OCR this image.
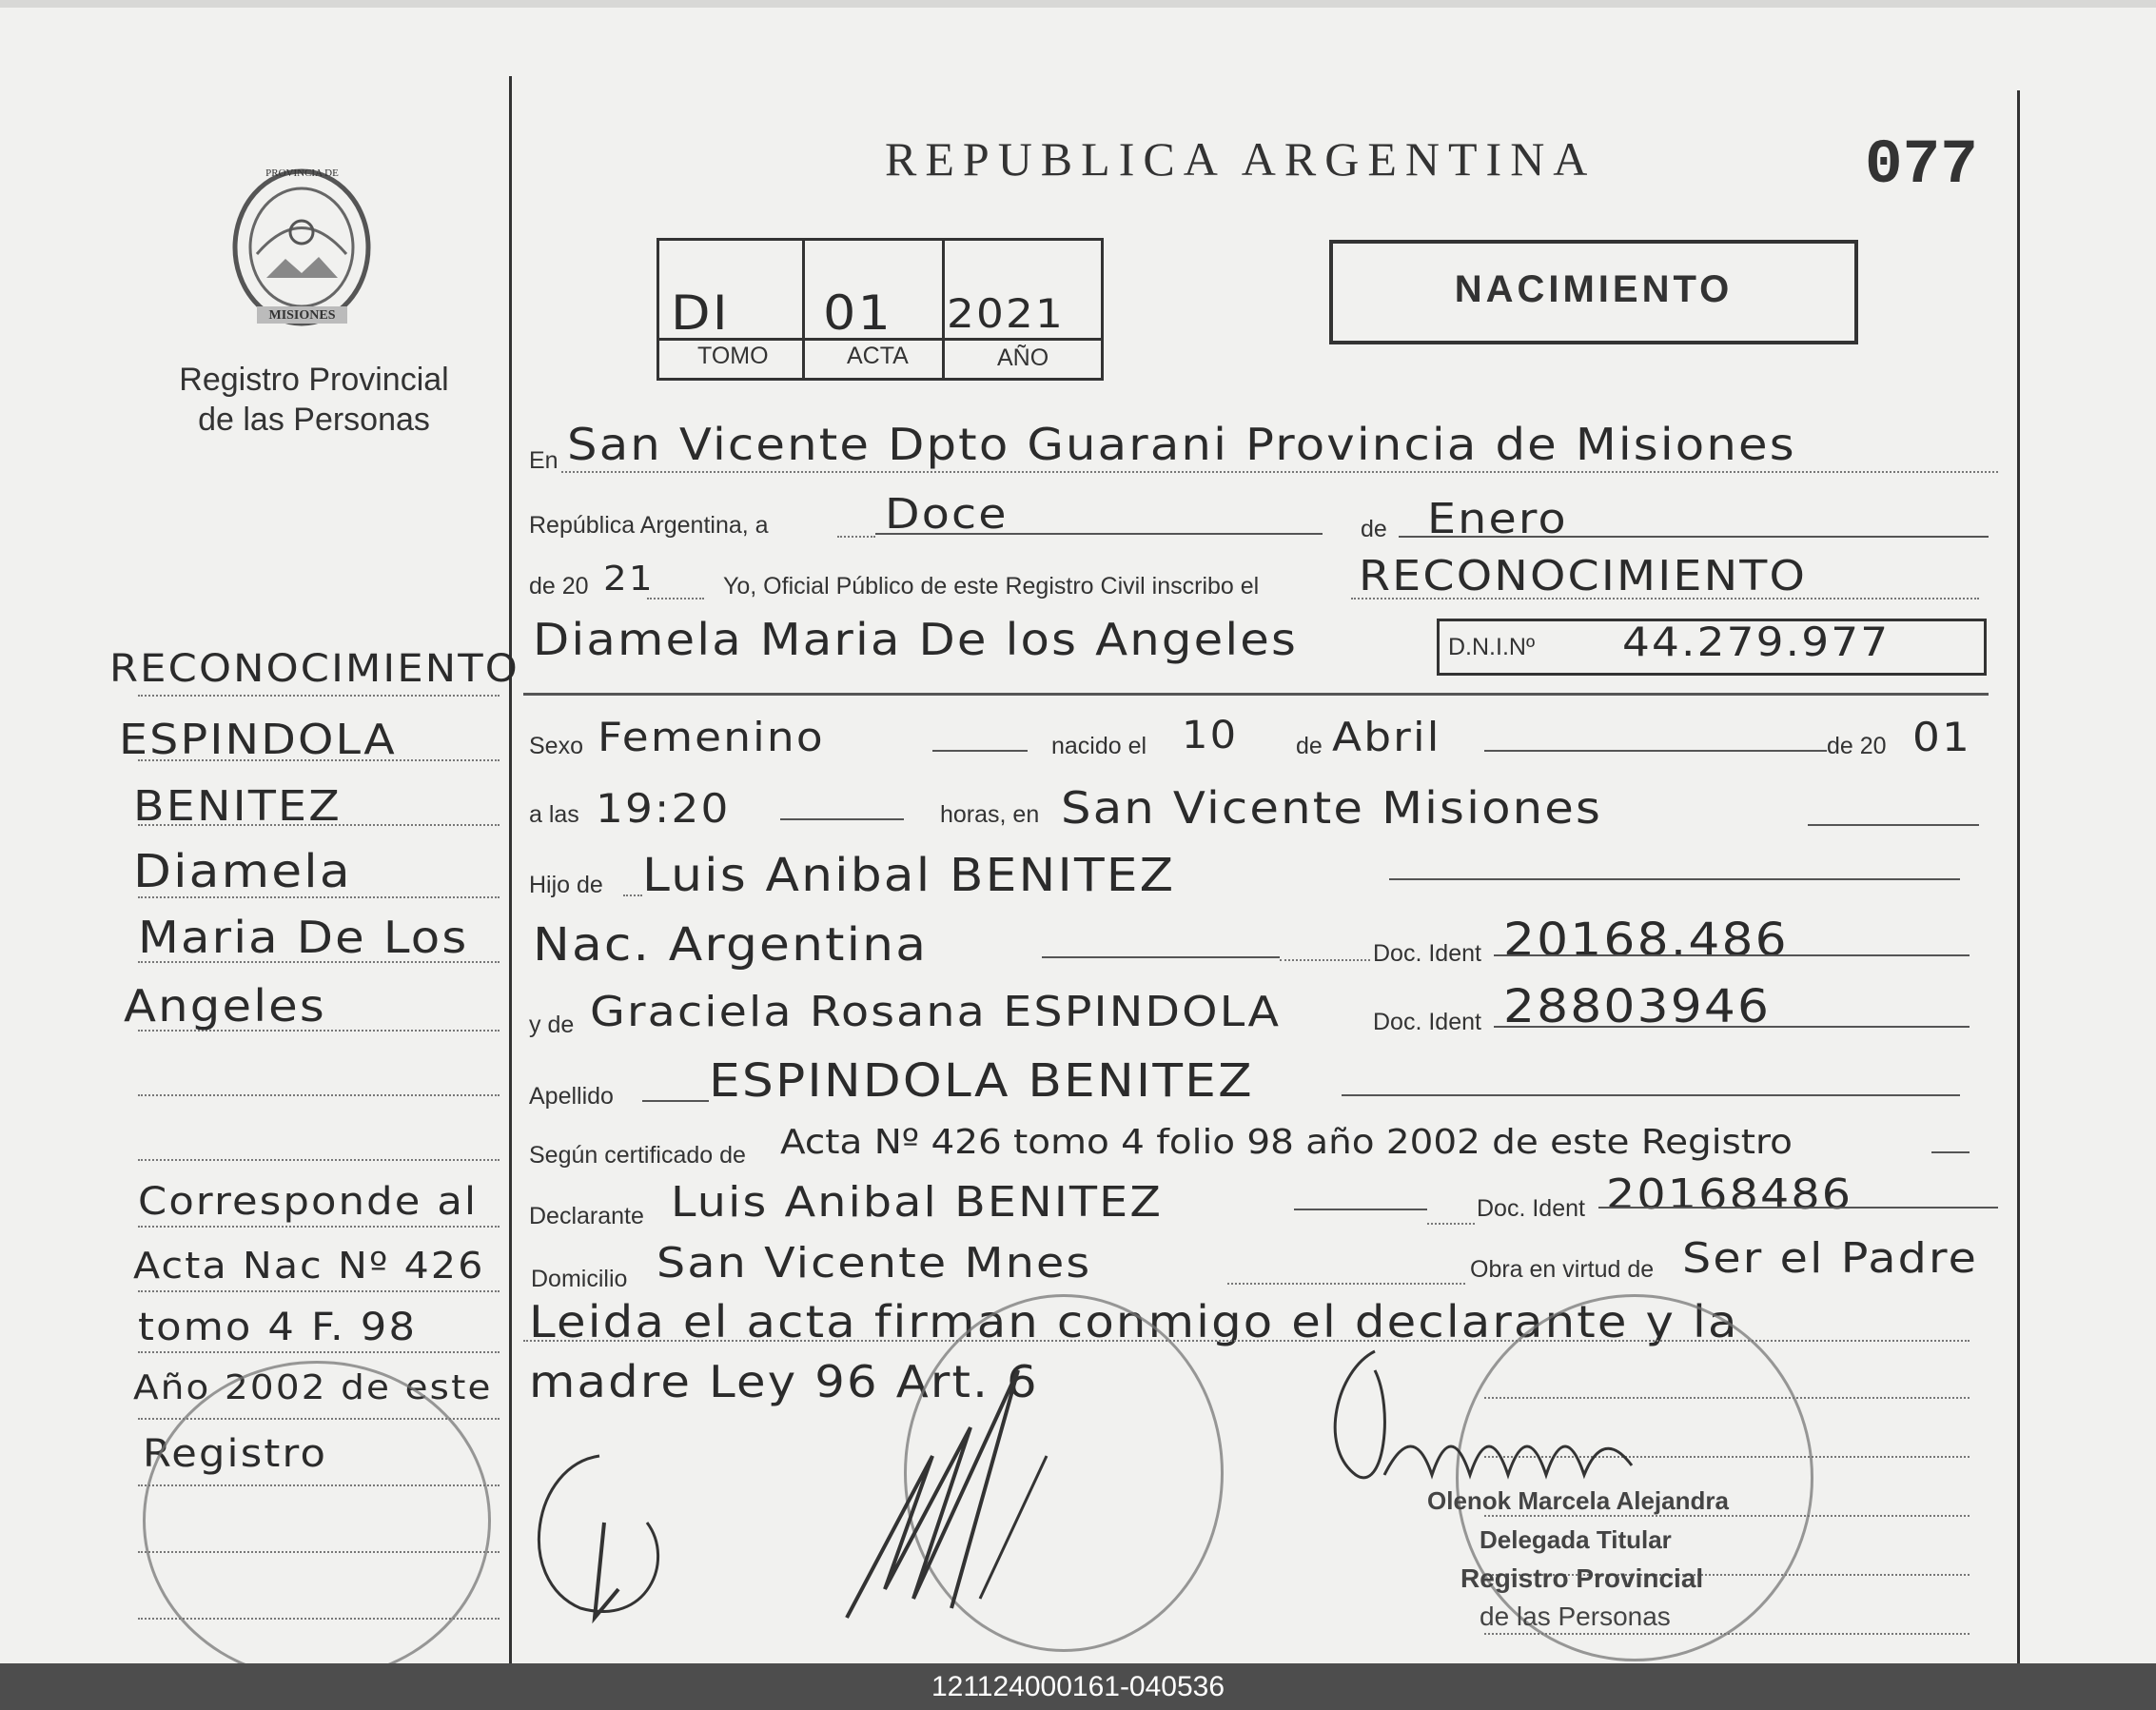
REPUBLICA ARGENTINA	077
DI 01 2021
TOMO	ACTA	AÑO
NACIMIENTO
PROVINCIA DE
MISIONES
Registro Provincial
de las Personas
En San Vicente Dpto Guarani Provincia de Misiones
República Argentina, a	Doce	de Enero
de 20 21	Yo, Oficial Público de este Registro Civil inscribo el RECONOCIMIENTO
Diamela Maria De los Angeles	D.N.I.Nº 44.279.977
Sexo Femenino	nacido el 10 de Abril	de 20 01
a las 19:20	horas, en San Vicente Misiones
Hijo de Luis Anibal BENITEZ
Nac. Argentina	Doc. Ident 20168.486
y de Graciela Rosana ESPINDOLA	Doc. Ident 28803946
Apellido ESPINDOLA BENITEZ
Según certificado de Acta Nº 426 tomo 4 folio 98 año 2002 de este Registro
Declarante Luis Anibal BENITEZ	Doc. Ident 20168486
Domicilio San Vicente Mnes	Obra en virtud de Ser el Padre
Leida el acta firman conmigo el declarante y la
madre Ley 96 Art. 6
RECONOCIMIENTO
ESPINDOLA
BENITEZ
Diamela
Maria De Los
Angeles
Corresponde al
Acta Nac Nº 426
tomo 4 F. 98
Año 2002 de este
Registro
Olenok Marcela Alejandra
Delegada Titular
Registro Provincial
de las Personas
121124000161-040536
